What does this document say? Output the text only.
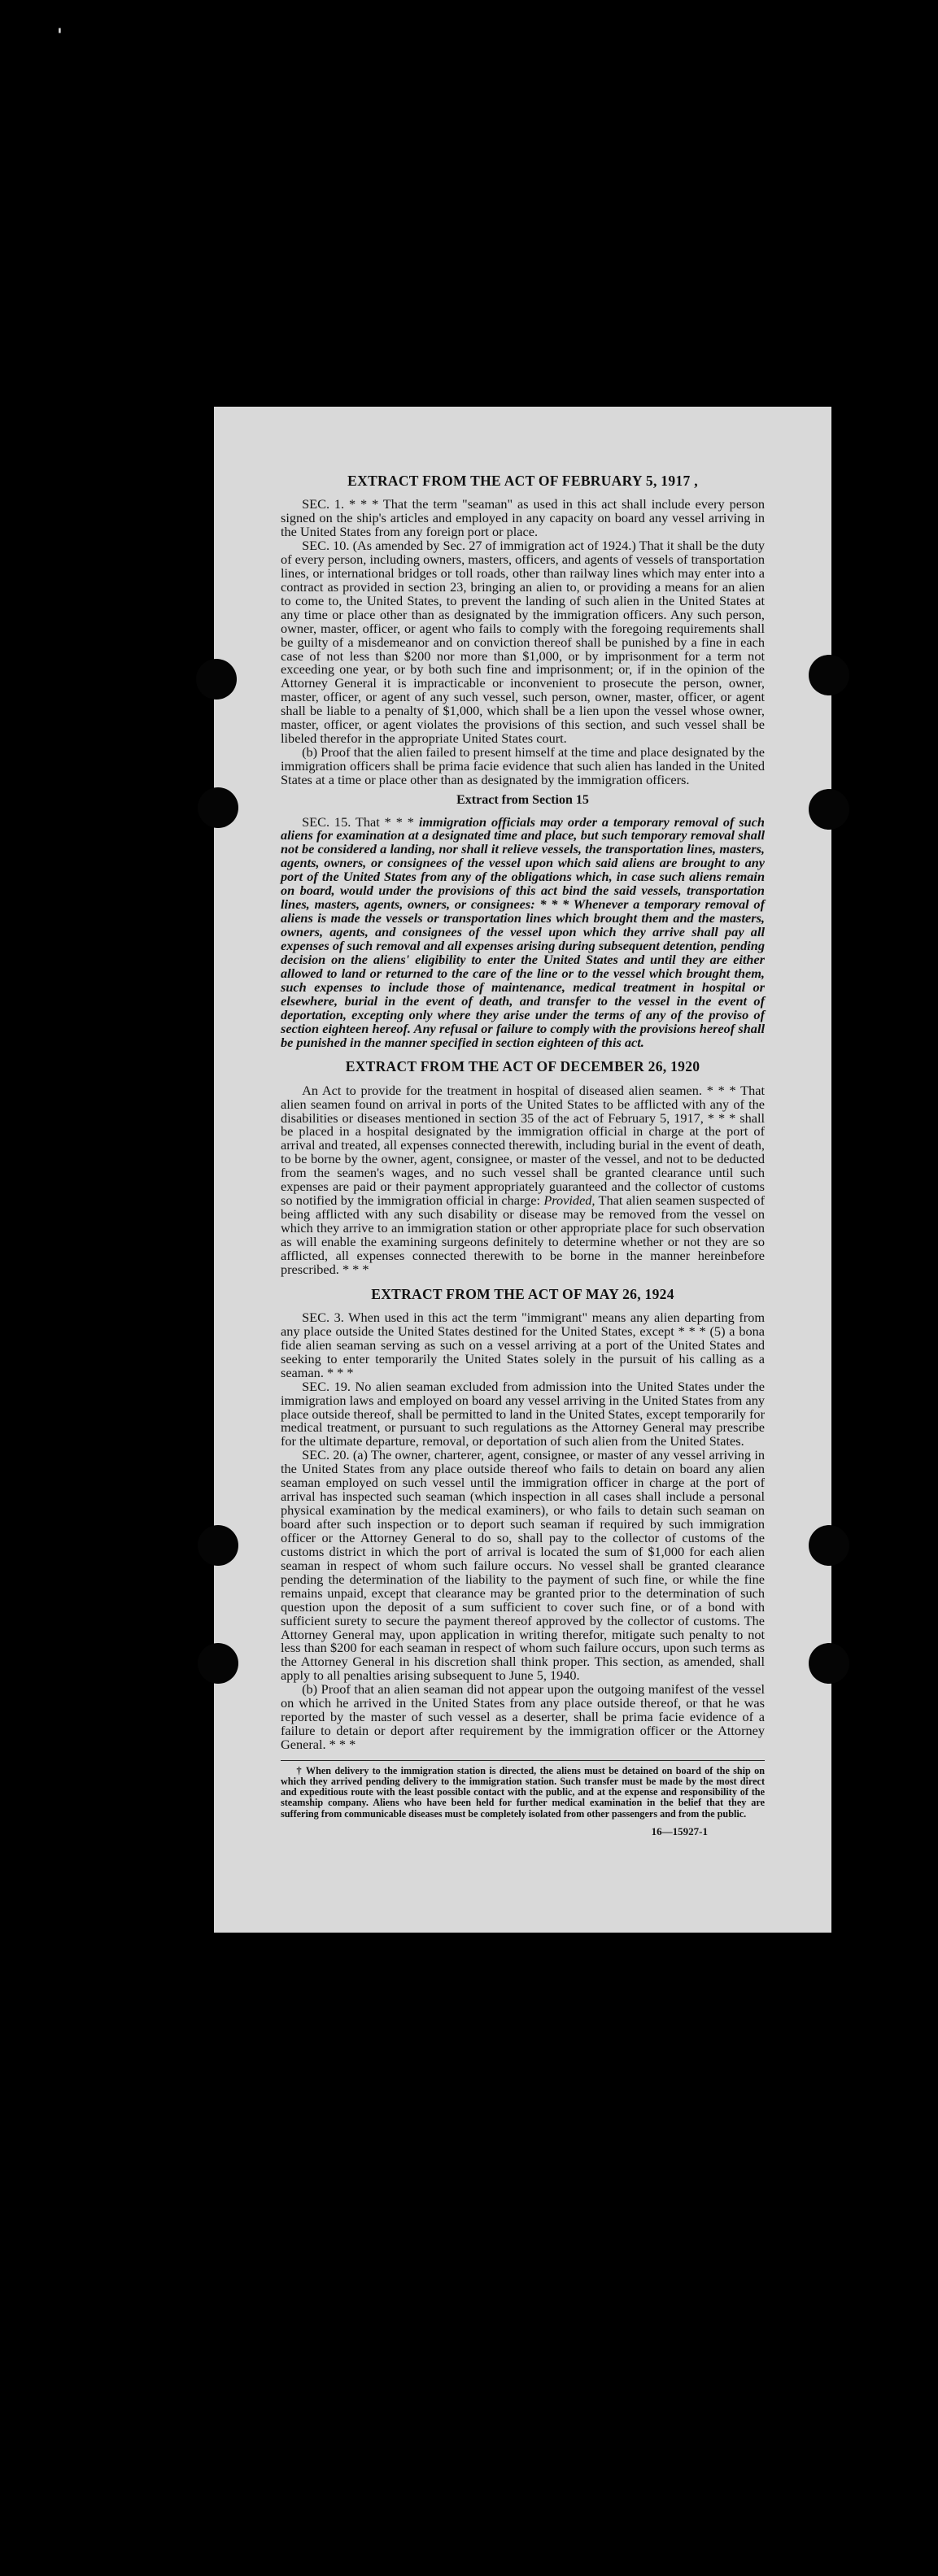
'
EXTRACT FROM THE ACT OF FEBRUARY 5, 1917 ,

SEC. 1. * * * That the term "seaman" as used in this act shall include every person signed on the ship's articles and employed in any capacity on board any vessel arriving in the United States from any foreign port or place.

SEC. 10. (As amended by Sec. 27 of immigration act of 1924.) That it shall be the duty of every person, including owners, masters, officers, and agents of vessels of transportation lines, or international bridges or toll roads, other than railway lines which may enter into a contract as provided in section 23, bringing an alien to, or providing a means for an alien to come to, the United States, to prevent the landing of such alien in the United States at any time or place other than as designated by the immigration officers. Any such person, owner, master, officer, or agent who fails to comply with the foregoing requirements shall be guilty of a misdemeanor and on conviction thereof shall be punished by a fine in each case of not less than $200 nor more than $1,000, or by imprisonment for a term not exceeding one year, or by both such fine and imprisonment; or, if in the opinion of the Attorney General it is impracticable or inconvenient to prosecute the person, owner, master, officer, or agent of any such vessel, such person, owner, master, officer, or agent shall be liable to a penalty of $1,000, which shall be a lien upon the vessel whose owner, master, officer, or agent violates the provisions of this section, and such vessel shall be libeled therefor in the appropriate United States court.

(b) Proof that the alien failed to present himself at the time and place designated by the immigration officers shall be prima facie evidence that such alien has landed in the United States at a time or place other than as designated by the immigration officers.

Extract from Section 15

SEC. 15. That * * * immigration officials may order a temporary removal of such aliens for examination at a designated time and place, but such temporary removal shall not be considered a landing, nor shall it relieve vessels, the transportation lines, masters, agents, owners, or consignees of the vessel upon which said aliens are brought to any port of the United States from any of the obligations which, in case such aliens remain on board, would under the provisions of this act bind the said vessels, transportation lines, masters, agents, owners, or consignees: * * * Whenever a temporary removal of aliens is made the vessels or transportation lines which brought them and the masters, owners, agents, and consignees of the vessel upon which they arrive shall pay all expenses of such removal and all expenses arising during subsequent detention, pending decision on the aliens' eligibility to enter the United States and until they are either allowed to land or returned to the care of the line or to the vessel which brought them, such expenses to include those of maintenance, medical treatment in hospital or elsewhere, burial in the event of death, and transfer to the vessel in the event of deportation, excepting only where they arise under the terms of any of the proviso of section eighteen hereof. Any refusal or failure to comply with the provisions hereof shall be punished in the manner specified in section eighteen of this act.

EXTRACT FROM THE ACT OF DECEMBER 26, 1920

An Act to provide for the treatment in hospital of diseased alien seamen. * * * That alien seamen found on arrival in ports of the United States to be afflicted with any of the disabilities or diseases mentioned in section 35 of the act of February 5, 1917, * * * shall be placed in a hospital designated by the immigration official in charge at the port of arrival and treated, all expenses connected therewith, including burial in the event of death, to be borne by the owner, agent, consignee, or master of the vessel, and not to be deducted from the seamen's wages, and no such vessel shall be granted clearance until such expenses are paid or their payment appropriately guaranteed and the collector of customs so notified by the immigration official in charge: Provided, That alien seamen suspected of being afflicted with any such disability or disease may be removed from the vessel on which they arrive to an immigration station or other appropriate place for such observation as will enable the examining surgeons definitely to determine whether or not they are so afflicted, all expenses connected therewith to be borne in the manner hereinbefore prescribed. * * *

EXTRACT FROM THE ACT OF MAY 26, 1924

SEC. 3. When used in this act the term "immigrant" means any alien departing from any place outside the United States destined for the United States, except * * * (5) a bona fide alien seaman serving as such on a vessel arriving at a port of the United States and seeking to enter temporarily the United States solely in the pursuit of his calling as a seaman. * * *

SEC. 19. No alien seaman excluded from admission into the United States under the immigration laws and employed on board any vessel arriving in the United States from any place outside thereof, shall be permitted to land in the United States, except temporarily for medical treatment, or pursuant to such regulations as the Attorney General may prescribe for the ultimate departure, removal, or deportation of such alien from the United States.

SEC. 20. (a) The owner, charterer, agent, consignee, or master of any vessel arriving in the United States from any place outside thereof who fails to detain on board any alien seaman employed on such vessel until the immigration officer in charge at the port of arrival has inspected such seaman (which inspection in all cases shall include a personal physical examination by the medical examiners), or who fails to detain such seaman on board after such inspection or to deport such seaman if required by such immigration officer or the Attorney General to do so, shall pay to the collector of customs of the customs district in which the port of arrival is located the sum of $1,000 for each alien seaman in respect of whom such failure occurs. No vessel shall be granted clearance pending the determination of the liability to the payment of such fine, or while the fine remains unpaid, except that clearance may be granted prior to the determination of such question upon the deposit of a sum sufficient to cover such fine, or of a bond with sufficient surety to secure the payment thereof approved by the collector of customs. The Attorney General may, upon application in writing therefor, mitigate such penalty to not less than $200 for each seaman in respect of whom such failure occurs, upon such terms as the Attorney General in his discretion shall think proper. This section, as amended, shall apply to all penalties arising subsequent to June 5, 1940.

(b) Proof that an alien seaman did not appear upon the outgoing manifest of the vessel on which he arrived in the United States from any place outside thereof, or that he was reported by the master of such vessel as a deserter, shall be prima facie evidence of a failure to detain or deport after requirement by the immigration officer or the Attorney General. * * *

† When delivery to the immigration station is directed, the aliens must be detained on board of the ship on which they arrived pending delivery to the immigration station. Such transfer must be made by the most direct and expeditious route with the least possible contact with the public, and at the expense and responsibility of the steamship company. Aliens who have been held for further medical examination in the belief that they are suffering from communicable diseases must be completely isolated from other passengers and from the public.
16—15927-1
